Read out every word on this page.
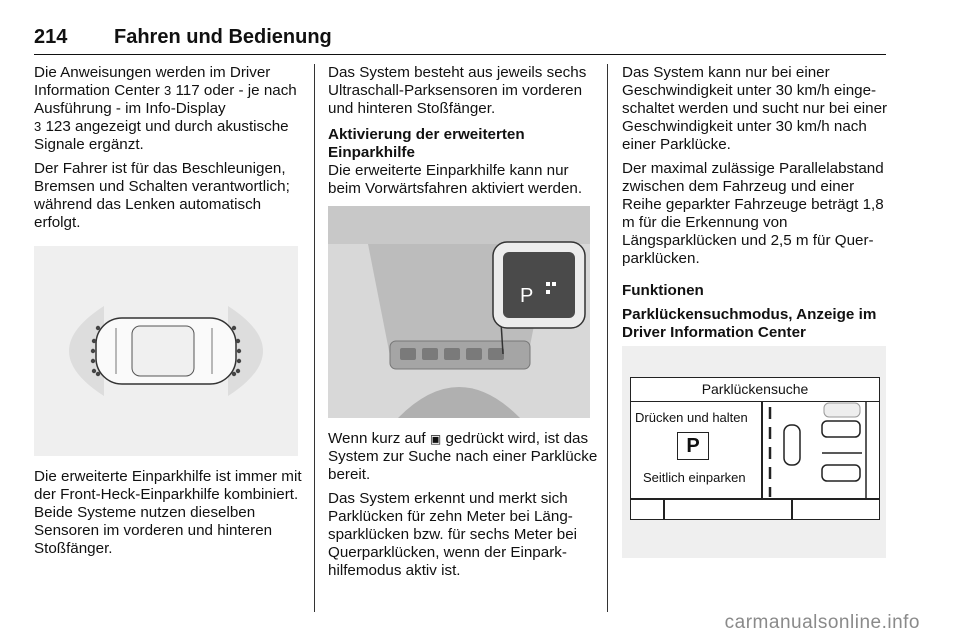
214 Fahren und Bedienung

Die Anweisungen werden im Driver Information Center 3 117 oder - je nach Ausführung - im Info-Display
3 123 angezeigt und durch akustische Signale ergänzt.

Der Fahrer ist für das Beschleunigen, Bremsen und Schalten verantwortlich; während das Lenken automatisch erfolgt.

Die erweiterte Einparkhilfe ist immer mit der Front-Heck-Einparkhilfe kombiniert. Beide Systeme nutzen dieselben Sensoren im vorderen und hinteren Stoßfänger.

Das System besteht aus jeweils sechs Ultraschall-Parksensoren im vorderen und hinteren Stoßfänger.

Aktivierung der erweiterten Einparkhilfe

Die erweiterte Einparkhilfe kann nur beim Vorwärtsfahren aktiviert werden.

P

Wenn kurz auf ▣ gedrückt wird, ist das System zur Suche nach einer Parklücke bereit.

Das System erkennt und merkt sich Parklücken für zehn Meter bei Längsparklücken bzw. für sechs Meter bei Querparklücken, wenn der Einparkhilfemodus aktiv ist.

Das System kann nur bei einer Geschwindigkeit unter 30 km/h eingeschaltet werden und sucht nur bei einer Geschwindigkeit unter 30 km/h nach einer Parklücke.

Der maximal zulässige Parallelabstand zwischen dem Fahrzeug und einer Reihe geparkter Fahrzeuge beträgt 1,8 m für die Erkennung von Längsparklücken und 2,5 m für Querparklücken.

Funktionen
Parklückensuchmodus, Anzeige im Driver Information Center
Parklückensuche
Drücken und halten
P
Seitlich einparken
carmanualsonline.info
